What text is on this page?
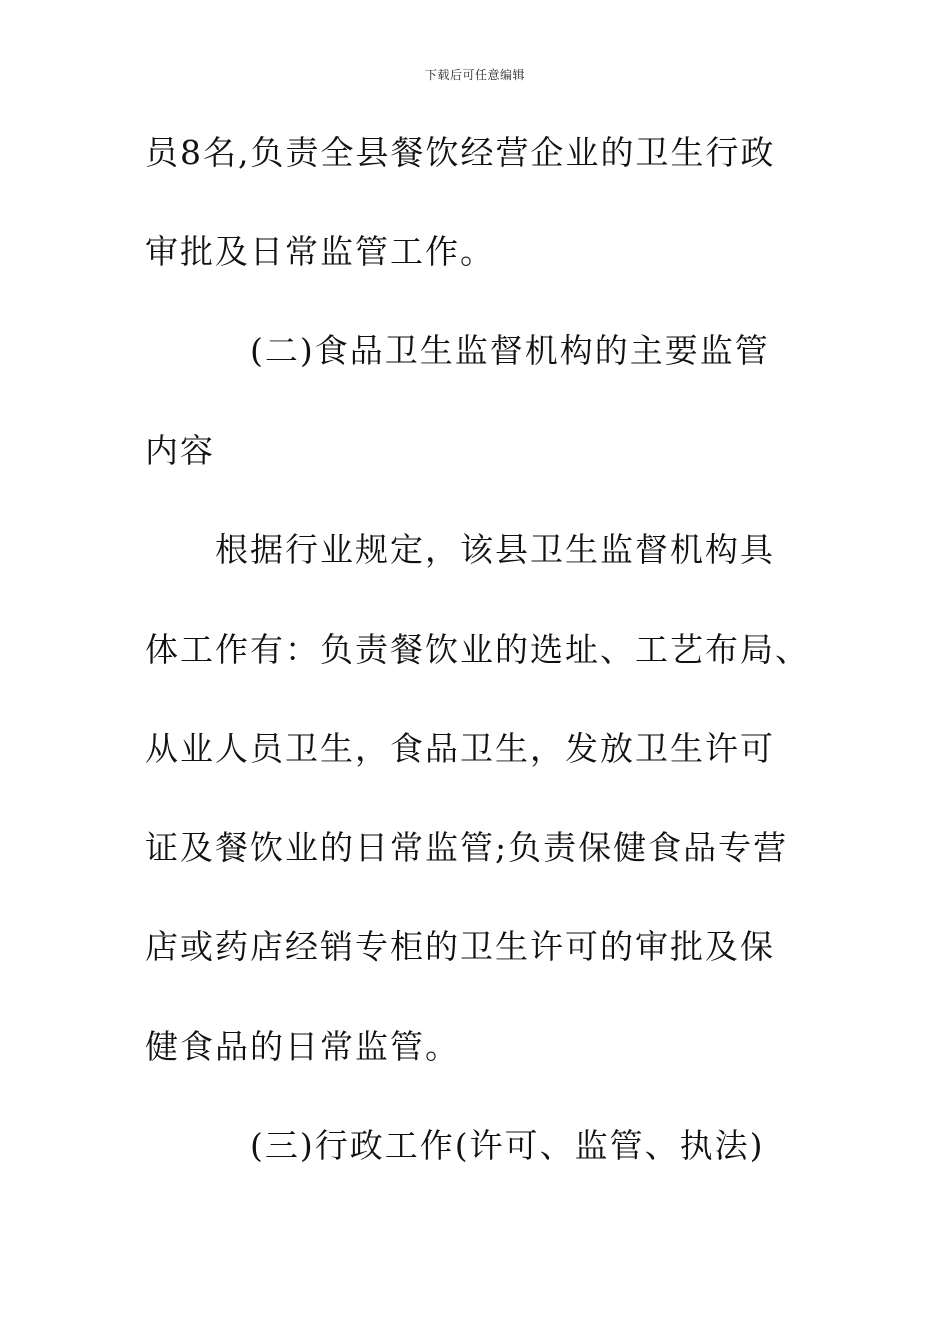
下载后可任意编辑
员8名,负责全县餐饮经营企业的卫生行政
审批及日常监管工作。
(二)食品卫生监督机构的主要监管
内容
根据行业规定，该县卫生监督机构具
体工作有：负责餐饮业的选址、工艺布局、
从业人员卫生，食品卫生，发放卫生许可
证及餐饮业的日常监管;负责保健食品专营
店或药店经销专柜的卫生许可的审批及保
健食品的日常监管。
(三)行政工作(许可、监管、执法)
